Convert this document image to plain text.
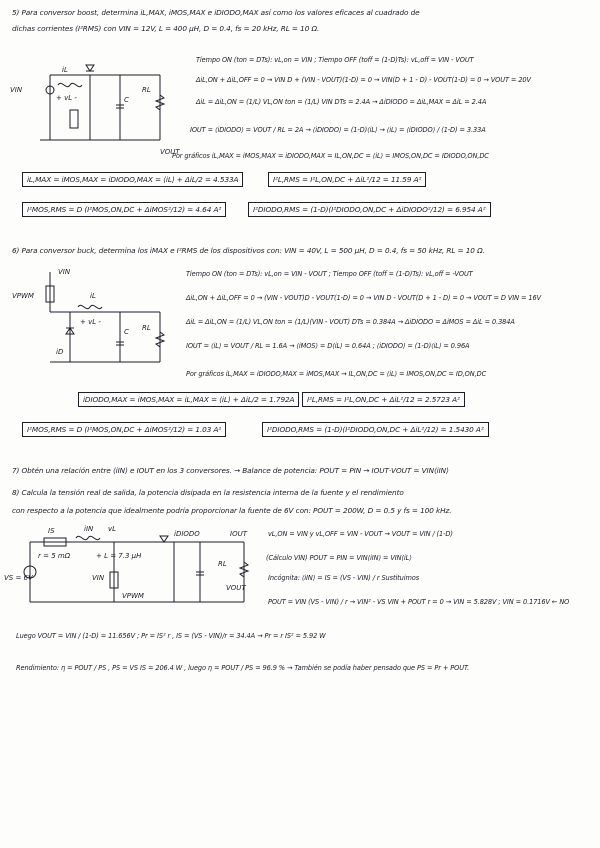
5) Para conversor boost, determina iL,MAX, iMOS,MAX e iDIODO,MAX así como los valores eficaces al cuadrado de
dichas corrientes (I²RMS) con VIN = 12V, L = 400 µH, D = 0.4, fs = 20 kHz, RL = 10 Ω.
VIN
iL
+ vL -	C
RL
VOUT
Tiempo ON (ton = DTs): vL,on = VIN ; Tiempo OFF (toff = (1-D)Ts): vL,off = VIN - VOUT
ΔiL,ON + ΔiL,OFF = 0 → VIN D + (VIN - VOUT)(1-D) = 0 → VIN(D + 1 - D) - VOUT(1-D) = 0 → VOUT = 20V
ΔiL = ΔiL,ON = (1/L) VL,ON ton = (1/L) VIN DTs = 2.4A → ΔiDIODO = ΔiL,MAX = ΔiL = 2.4A
IOUT = ⟨iDIODO⟩ = VOUT / RL = 2A → ⟨iDIODO⟩ = (1-D)⟨iL⟩ → ⟨iL⟩ = ⟨iDIODO⟩ / (1-D) = 3.33A
Por gráficos iL,MAX = iMOS,MAX = iDIODO,MAX = IL,ON,DC = ⟨iL⟩ = IMOS,ON,DC = IDIODO,ON,DC
iL,MAX = iMOS,MAX = iDIODO,MAX = ⟨iL⟩ + ΔiL/2 = 4.533A	I²L,RMS = I²L,ON,DC + ΔiL²/12 = 11.59 A²
I²MOS,RMS = D (I²MOS,ON,DC + ΔiMOS²/12) = 4.64 A²	I²DIODO,RMS = (1-D)(I²DIODO,ON,DC + ΔiDIODO²/12) = 6.954 A²
6) Para conversor buck, determina los iMAX e I²RMS de los dispositivos con: VIN = 40V, L = 500 µH, D = 0.4, fs = 50 kHz, RL = 10 Ω.
VIN
VPWM	iL
+ vL -
iD
C RL
Tiempo ON (ton = DTs): vL,on = VIN - VOUT ; Tiempo OFF (toff = (1-D)Ts): vL,off = -VOUT
ΔiL,ON + ΔiL,OFF = 0 → (VIN - VOUT)D - VOUT(1-D) = 0 → VIN D - VOUT(D + 1 - D) = 0 → VOUT = D VIN = 16V
ΔiL = ΔiL,ON = (1/L) VL,ON ton = (1/L)(VIN - VOUT) DTs = 0.384A → ΔiDIODO = ΔiMOS = ΔiL = 0.384A
IOUT = ⟨iL⟩ = VOUT / RL = 1.6A → ⟨iMOS⟩ = D⟨iL⟩ = 0.64A ; ⟨iDIODO⟩ = (1-D)⟨iL⟩ = 0.96A
Por gráficos iL,MAX = iDIODO,MAX = iMOS,MAX → IL,ON,DC = ⟨iL⟩ = IMOS,ON,DC = ID,ON,DC
iDIODO,MAX = iMOS,MAX = iL,MAX = ⟨iL⟩ + ΔiL/2 = 1.792A	I²L,RMS = I²L,ON,DC + ΔiL²/12 = 2.5723 A²
I²MOS,RMS = D (I²MOS,ON,DC + ΔiMOS²/12) = 1.03 A²	I²DIODO,RMS = (1-D)(I²DIODO,ON,DC + ΔiL²/12) = 1.5430 A²
7) Obtén una relación entre ⟨iIN⟩ e IOUT en los 3 conversores. → Balance de potencia: POUT = PIN → IOUT·VOUT = VIN⟨iIN⟩
8) Calcula la tensión real de salida, la potencia disipada en la resistencia interna de la fuente y el rendimiento
con respecto a la potencia que idealmente podría proporcionar la fuente de 6V con: POUT = 200W, D = 0.5 y fs = 100 kHz.
IS	iIN vL
r = 5 mΩ	+ L = 7.3 µH
VS = 6V	VIN
VPWM
iDIODO	IOUT
RL
VOUT
vL,ON = VIN y vL,OFF = VIN - VOUT → VOUT = VIN / (1-D)
(Cálculo VIN) POUT = PIN = VIN⟨iIN⟩ = VIN⟨iL⟩
Incógnita: ⟨iIN⟩ = IS = (VS - VIN) / r Sustituimos
POUT = VIN (VS - VIN) / r → VIN² - VS VIN + POUT r = 0 → VIN = 5.828V ; VIN = 0.1716V ← NO
Luego VOUT = VIN / (1-D) = 11.656V ; Pr = IS² r , IS = (VS - VIN)/r = 34.4A → Pr = r IS² = 5.92 W
Rendimiento: η = POUT / PS , PS = VS IS = 206.4 W , luego η = POUT / PS = 96.9 % → También se podía haber pensado que PS = Pr + POUT.
